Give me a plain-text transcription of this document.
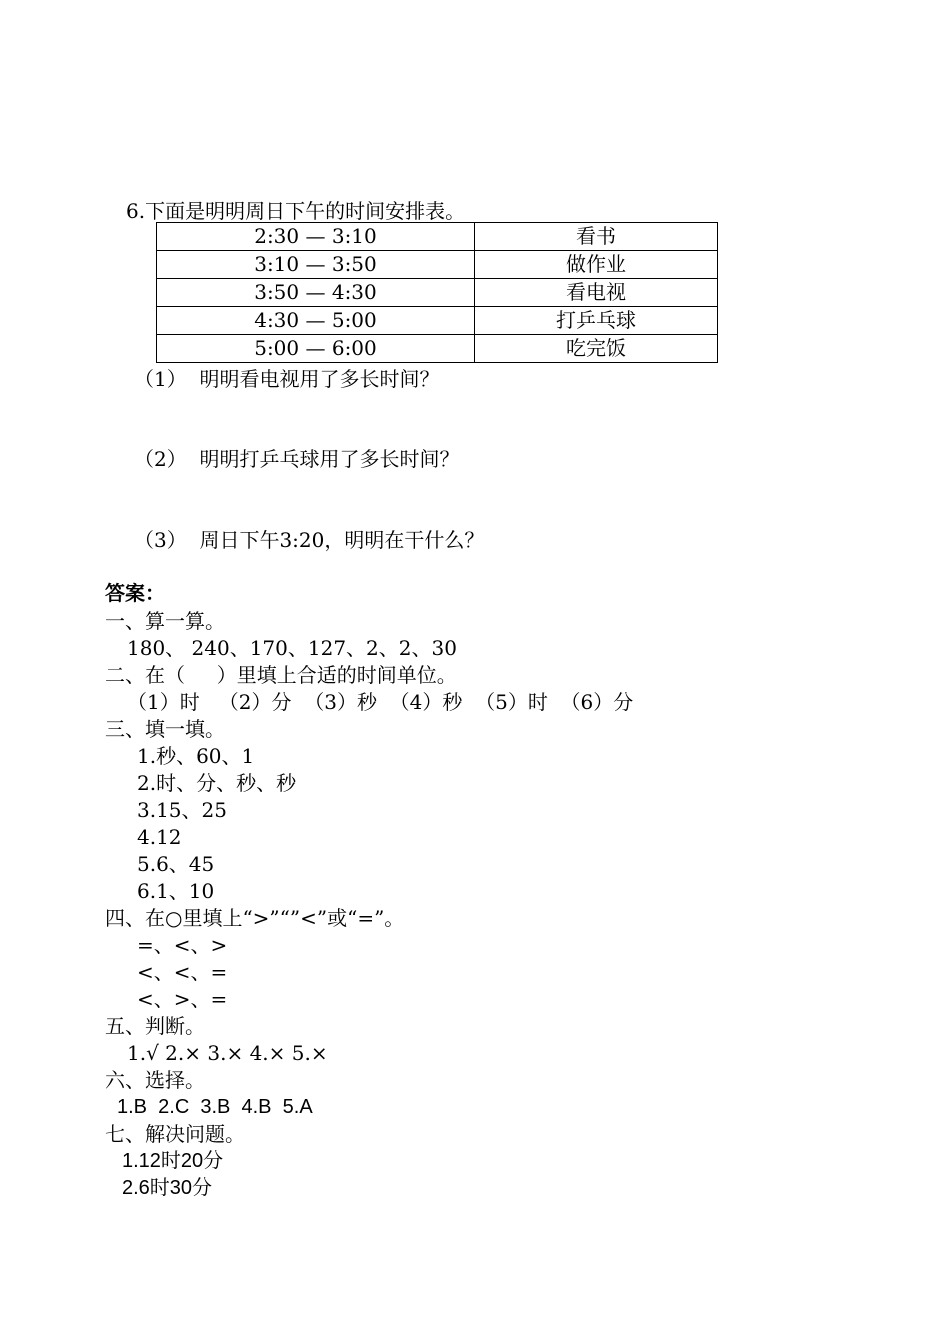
6.下面是明明周日下午的时间安排表。
2:30 — 3:10	看书
3:10 — 3:50	做作业
3:50 — 4:30	看电视
4:30 — 5:00	打乒乓球
5:00 — 6:00	吃完饭
（1）  明明看电视用了多长时间？
（2）  明明打乒乓球用了多长时间？
（3）  周日下午3:20，明明在干什么？
答案：
一、算一算。
180、 240、170、127、2、2、30
二、在（     ）里填上合适的时间单位。
（1）时   （2）分  （3）秒  （4）秒  （5）时  （6）分
三、填一填。
1.秒、60、1
2.时、分、秒、秒
3.15、25
4.12
5.6、45
6.1、10
四、在○里填上“>”“”<”或“=”。
=、<、>
<、<、=
<、>、=
五、判断。
1.√ 2.× 3.× 4.× 5.×
六、选择。
1.B  2.C  3.B  4.B  5.A
七、解决问题。
1.12时20分
2.6时30分
